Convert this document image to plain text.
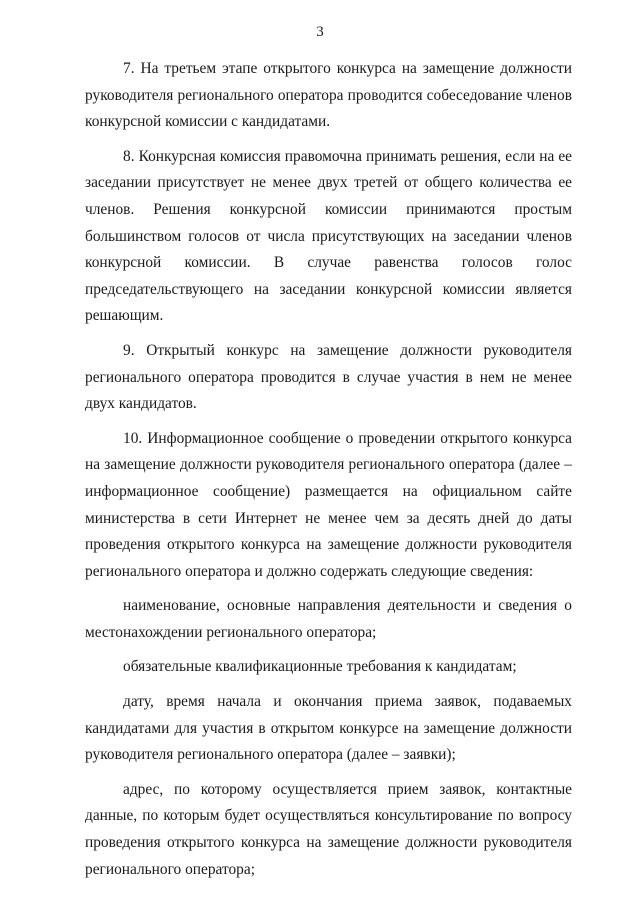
3

7. На третьем этапе открытого конкурса на замещение должности руководителя регионального оператора проводится собеседование членов конкурсной комиссии с кандидатами.

8. Конкурсная комиссия правомочна принимать решения, если на ее заседании присутствует не менее двух третей от общего количества ее членов. Решения конкурсной комиссии принимаются простым большинством голосов от числа присутствующих на заседании членов конкурсной комиссии. В случае равенства голосов голос председательствующего на заседании конкурсной комиссии является решающим.

9. Открытый конкурс на замещение должности руководителя регионального оператора проводится в случае участия в нем не менее двух кандидатов.

10. Информационное сообщение о проведении открытого конкурса на замещение должности руководителя регионального оператора (далее – информационное сообщение) размещается на официальном сайте министерства в сети Интернет не менее чем за десять дней до даты проведения открытого конкурса на замещение должности руководителя регионального оператора и должно содержать следующие сведения:

наименование, основные направления деятельности и сведения о местонахождении регионального оператора;

обязательные квалификационные требования к кандидатам;

дату, время начала и окончания приема заявок, подаваемых кандидатами для участия в открытом конкурсе на замещение должности руководителя регионального оператора (далее – заявки);

адрес, по которому осуществляется прием заявок, контактные данные, по которым будет осуществляться консультирование по вопросу проведения открытого конкурса на замещение должности руководителя регионального оператора;
